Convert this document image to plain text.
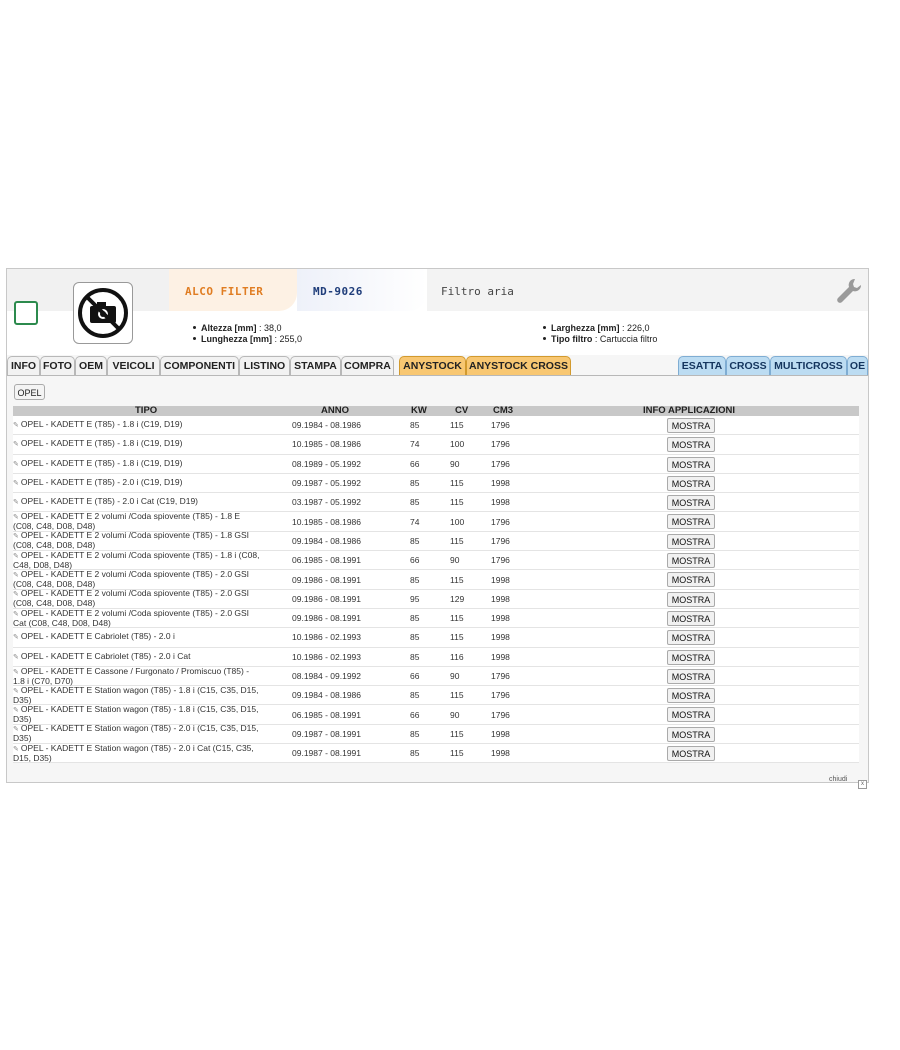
ALCO FILTER	MD-9026	Filtro aria
Altezza [mm] : 38,0
Lunghezza [mm] : 255,0
Larghezza [mm] : 226,0
Tipo filtro : Cartuccia filtro
INFO FOTO OEM VEICOLI COMPONENTI LISTINO STAMPA COMPRA	ANYSTOCK ANYSTOCK CROSS	ESATTA CROSS MULTICROSS OE
OPEL
TIPO	ANNO	KW	CV	CM3	INFO APPLICAZIONI
✎ OPEL - KADETT E (T85) - 1.8 i (C19, D19)	09.1984 - 08.1986	85	115	1796	MOSTRA
✎ OPEL - KADETT E (T85) - 1.8 i (C19, D19)	10.1985 - 08.1986	74	100	1796	MOSTRA
✎ OPEL - KADETT E (T85) - 1.8 i (C19, D19)	08.1989 - 05.1992	66	90	1796	MOSTRA
✎ OPEL - KADETT E (T85) - 2.0 i (C19, D19)	09.1987 - 05.1992	85	115	1998	MOSTRA
✎ OPEL - KADETT E (T85) - 2.0 i Cat (C19, D19)	03.1987 - 05.1992	85	115	1998	MOSTRA
✎ OPEL - KADETT E 2 volumi /Coda spiovente (T85) - 1.8 E (C08, C48, D08, D48)	10.1985 - 08.1986	74	100	1796	MOSTRA
✎ OPEL - KADETT E 2 volumi /Coda spiovente (T85) - 1.8 GSI (C08, C48, D08, D48)	09.1984 - 08.1986	85	115	1796	MOSTRA
✎ OPEL - KADETT E 2 volumi /Coda spiovente (T85) - 1.8 i (C08, C48, D08, D48)	06.1985 - 08.1991	66	90	1796	MOSTRA
✎ OPEL - KADETT E 2 volumi /Coda spiovente (T85) - 2.0 GSI (C08, C48, D08, D48)	09.1986 - 08.1991	85	115	1998	MOSTRA
✎ OPEL - KADETT E 2 volumi /Coda spiovente (T85) - 2.0 GSI (C08, C48, D08, D48)	09.1986 - 08.1991	95	129	1998	MOSTRA
✎ OPEL - KADETT E 2 volumi /Coda spiovente (T85) - 2.0 GSI Cat (C08, C48, D08, D48)	09.1986 - 08.1991	85	115	1998	MOSTRA
✎ OPEL - KADETT E Cabriolet (T85) - 2.0 i	10.1986 - 02.1993	85	115	1998	MOSTRA
✎ OPEL - KADETT E Cabriolet (T85) - 2.0 i Cat	10.1986 - 02.1993	85	116	1998	MOSTRA
✎ OPEL - KADETT E Cassone / Furgonato / Promiscuo (T85) - 1.8 i (C70, D70)	08.1984 - 09.1992	66	90	1796	MOSTRA
✎ OPEL - KADETT E Station wagon (T85) - 1.8 i (C15, C35, D15, D35)	09.1984 - 08.1986	85	115	1796	MOSTRA
✎ OPEL - KADETT E Station wagon (T85) - 1.8 i (C15, C35, D15, D35)	06.1985 - 08.1991	66	90	1796	MOSTRA
✎ OPEL - KADETT E Station wagon (T85) - 2.0 i (C15, C35, D15, D35)	09.1987 - 08.1991	85	115	1998	MOSTRA
✎ OPEL - KADETT E Station wagon (T85) - 2.0 i Cat (C15, C35, D15, D35)	09.1987 - 08.1991	85	115	1998	MOSTRA
chiudi
x
